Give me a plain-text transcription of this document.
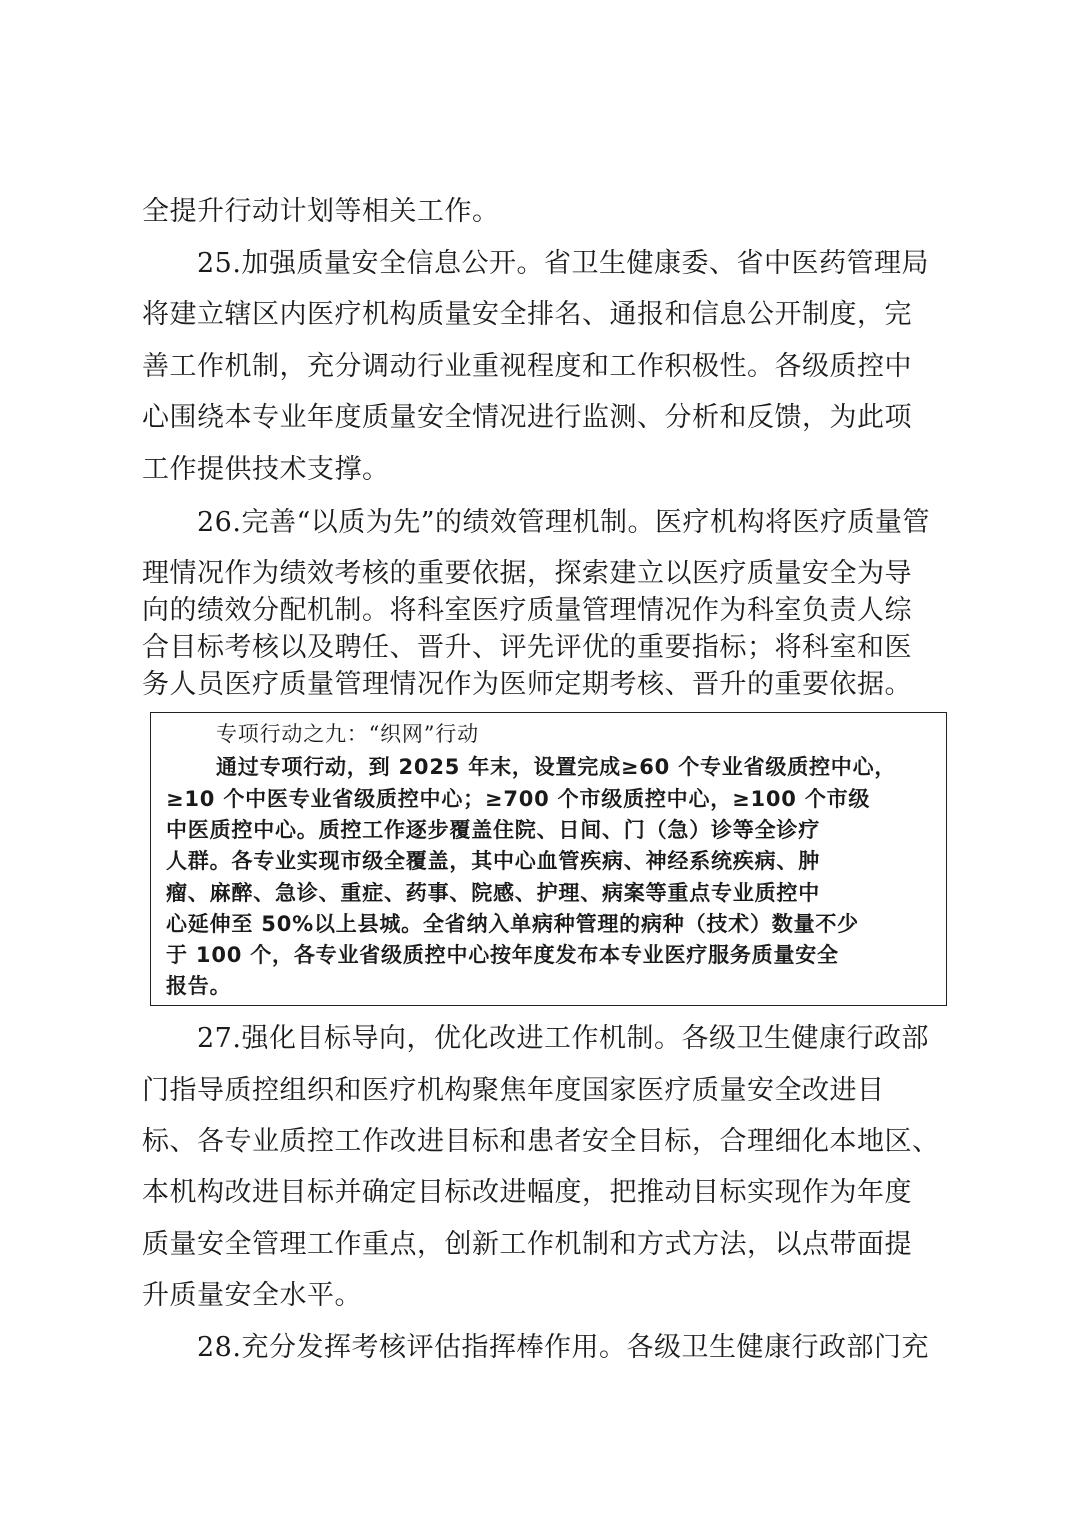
全提升行动计划等相关工作。
25.加强质量安全信息公开。省卫生健康委、省中医药管理局
将建立辖区内医疗机构质量安全排名、通报和信息公开制度，完
善工作机制，充分调动行业重视程度和工作积极性。各级质控中
心围绕本专业年度质量安全情况进行监测、分析和反馈，为此项
工作提供技术支撑。
26.完善“以质为先”的绩效管理机制。医疗机构将医疗质量管
理情况作为绩效考核的重要依据，探索建立以医疗质量安全为导
向的绩效分配机制。将科室医疗质量管理情况作为科室负责人综
合目标考核以及聘任、晋升、评先评优的重要指标；将科室和医
专项行动之九：“织网”行动
通过专项行动，到 2025 年末，设置完成≥60 个专业省级质控中心，
≥10 个中医专业省级质控中心；≥700 个市级质控中心，≥100 个市级
中医质控中心。质控工作逐步覆盖住院、日间、门（急）诊等全诊疗
人群。各专业实现市级全覆盖，其中心血管疾病、神经系统疾病、肿
瘤、麻醉、急诊、重症、药事、院感、护理、病案等重点专业质控中
心延伸至 50%以上县城。全省纳入单病种管理的病种（技术）数量不少
于 100 个，各专业省级质控中心按年度发布本专业医疗服务质量安全
报告。
27.强化目标导向，优化改进工作机制。各级卫生健康行政部
门指导质控组织和医疗机构聚焦年度国家医疗质量安全改进目
标、各专业质控工作改进目标和患者安全目标，合理细化本地区、
本机构改进目标并确定目标改进幅度，把推动目标实现作为年度
质量安全管理工作重点，创新工作机制和方式方法，以点带面提
升质量安全水平。
28.充分发挥考核评估指挥棒作用。各级卫生健康行政部门充
务人员医疗质量管理情况作为医师定期考核、晋升的重要依据。
